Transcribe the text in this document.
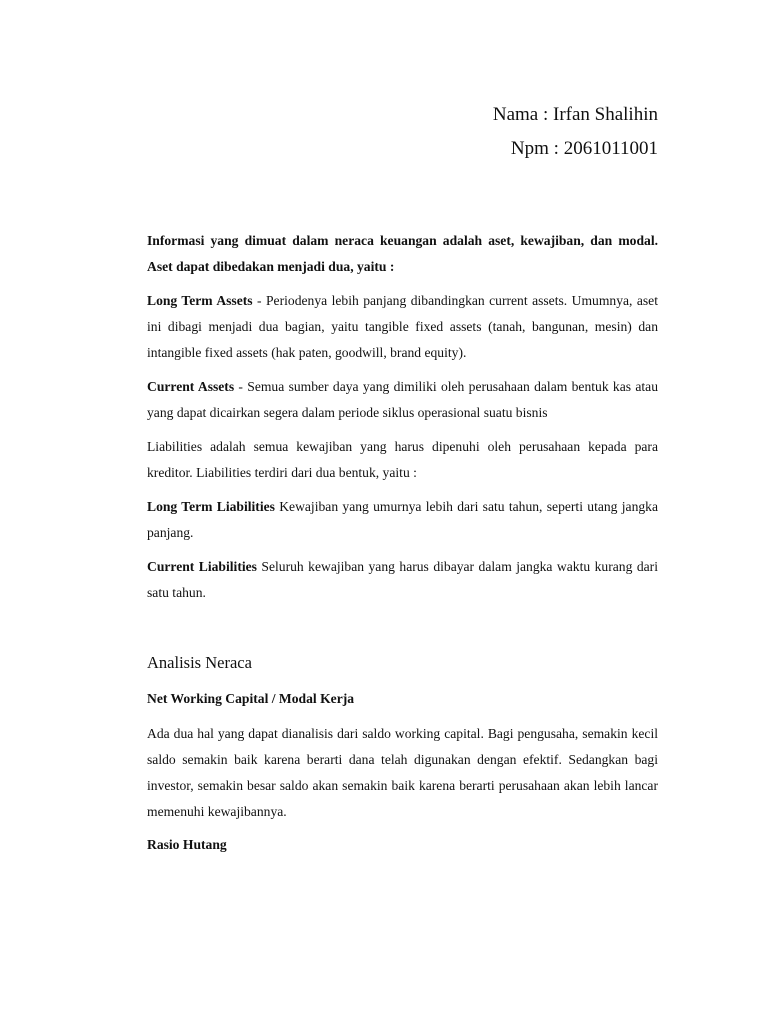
Nama : Irfan Shalihin
Npm : 2061011001

Informasi yang dimuat dalam neraca keuangan adalah aset, kewajiban, dan modal. Aset dapat dibedakan menjadi dua, yaitu :

Long Term Assets - Periodenya lebih panjang dibandingkan current assets. Umumnya, aset ini dibagi menjadi dua bagian, yaitu tangible fixed assets (tanah, bangunan, mesin) dan intangible fixed assets (hak paten, goodwill, brand equity).

Current Assets - Semua sumber daya yang dimiliki oleh perusahaan dalam bentuk kas atau yang dapat dicairkan segera dalam periode siklus operasional suatu bisnis

Liabilities adalah semua kewajiban yang harus dipenuhi oleh perusahaan kepada para kreditor. Liabilities terdiri dari dua bentuk, yaitu :

Long Term Liabilities Kewajiban yang umurnya lebih dari satu tahun, seperti utang jangka panjang.

Current Liabilities Seluruh kewajiban yang harus dibayar dalam jangka waktu kurang dari satu tahun.

Analisis Neraca
Net Working Capital / Modal Kerja

Ada dua hal yang dapat dianalisis dari saldo working capital. Bagi pengusaha, semakin kecil saldo semakin baik karena berarti dana telah digunakan dengan efektif. Sedangkan bagi investor, semakin besar saldo akan semakin baik karena berarti perusahaan akan lebih lancar memenuhi kewajibannya.

Rasio Hutang
